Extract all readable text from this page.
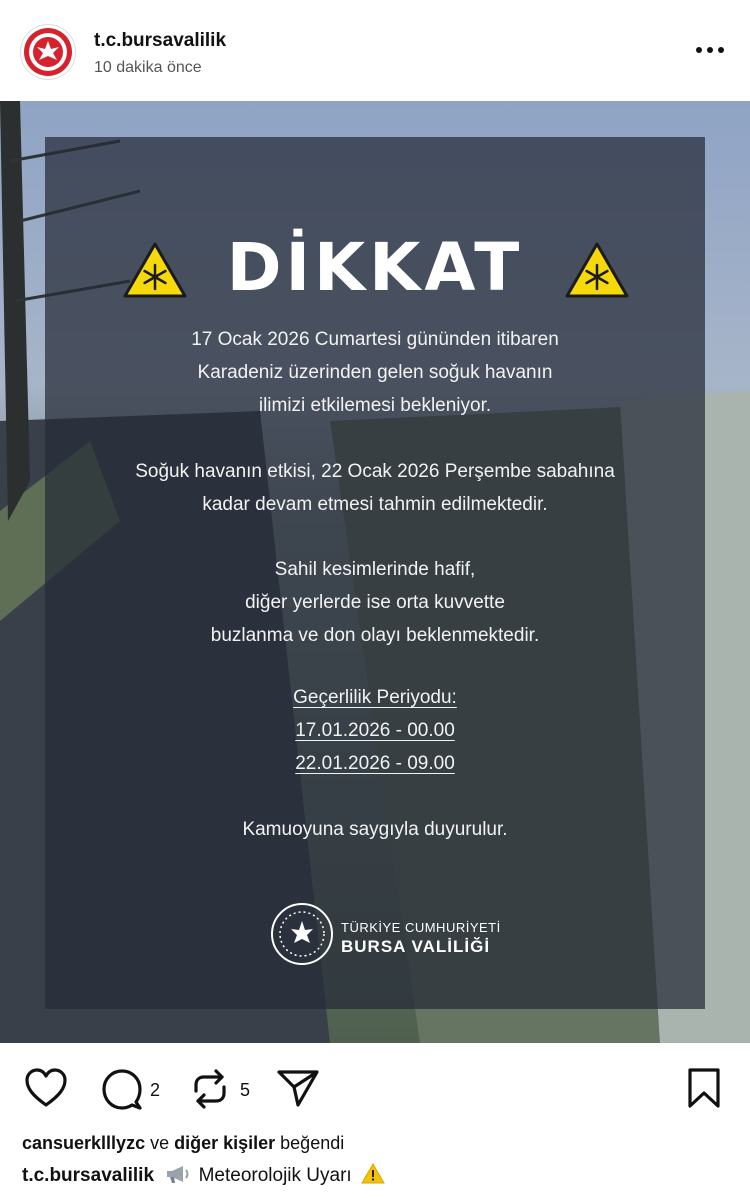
t.c.bursavalilik
10 dakika önce
DİKKAT
17 Ocak 2026 Cumartesi gününden itibaren
Karadeniz üzerinden gelen soğuk havanın
ilimizi etkilemesi bekleniyor.
Soğuk havanın etkisi, 22 Ocak 2026 Perşembe sabahına
kadar devam etmesi tahmin edilmektedir.
Sahil kesimlerinde hafif,
diğer yerlerde ise orta kuvvette
buzlanma ve don olayı beklenmektedir.
Geçerlilik Periyodu:
17.01.2026 - 00.00
22.01.2026 - 09.00
Kamuoyuna saygıyla duyurulur.
TÜRKİYE CUMHURİYETİ
BURSA VALİLİĞİ
2	5
cansuerklllyzc ve diğer kişiler beğendi
t.c.bursavalilik Meteorolojik Uyarı
